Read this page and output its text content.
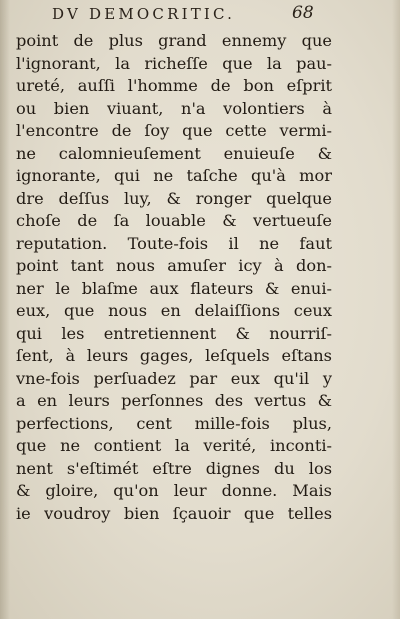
DV DEMOCRITIC.	68
point de plus grand ennemy que
l'ignorant, la richeſſe que la pau-
ureté, auſſi l'homme de bon eſprit
ou bien viuant, n'a volontiers à
l'encontre de ſoy que cette vermi-
ne calomnieuſement enuieuſe &
ignorante, qui ne taſche qu'à mor
dre deſſus luy, & ronger quelque
choſe de ſa louable & vertueuſe
reputation. Toute-fois il ne faut
point tant nous amuſer icy à don-
ner le blaſme aux flateurs & enui-
eux, que nous en delaiſſions ceux
qui les entretiennent & nourriſ-
ſent, à leurs gages, leſquels eſtans
vne-fois perſuadez par eux qu'il y
a en leurs perſonnes des vertus &
perfections, cent mille-fois plus,
que ne contient la verité, inconti-
nent s'eſtimét eſtre dignes du los
& gloire, qu'on leur donne. Mais
ie voudroy bien ſçauoir que telles
